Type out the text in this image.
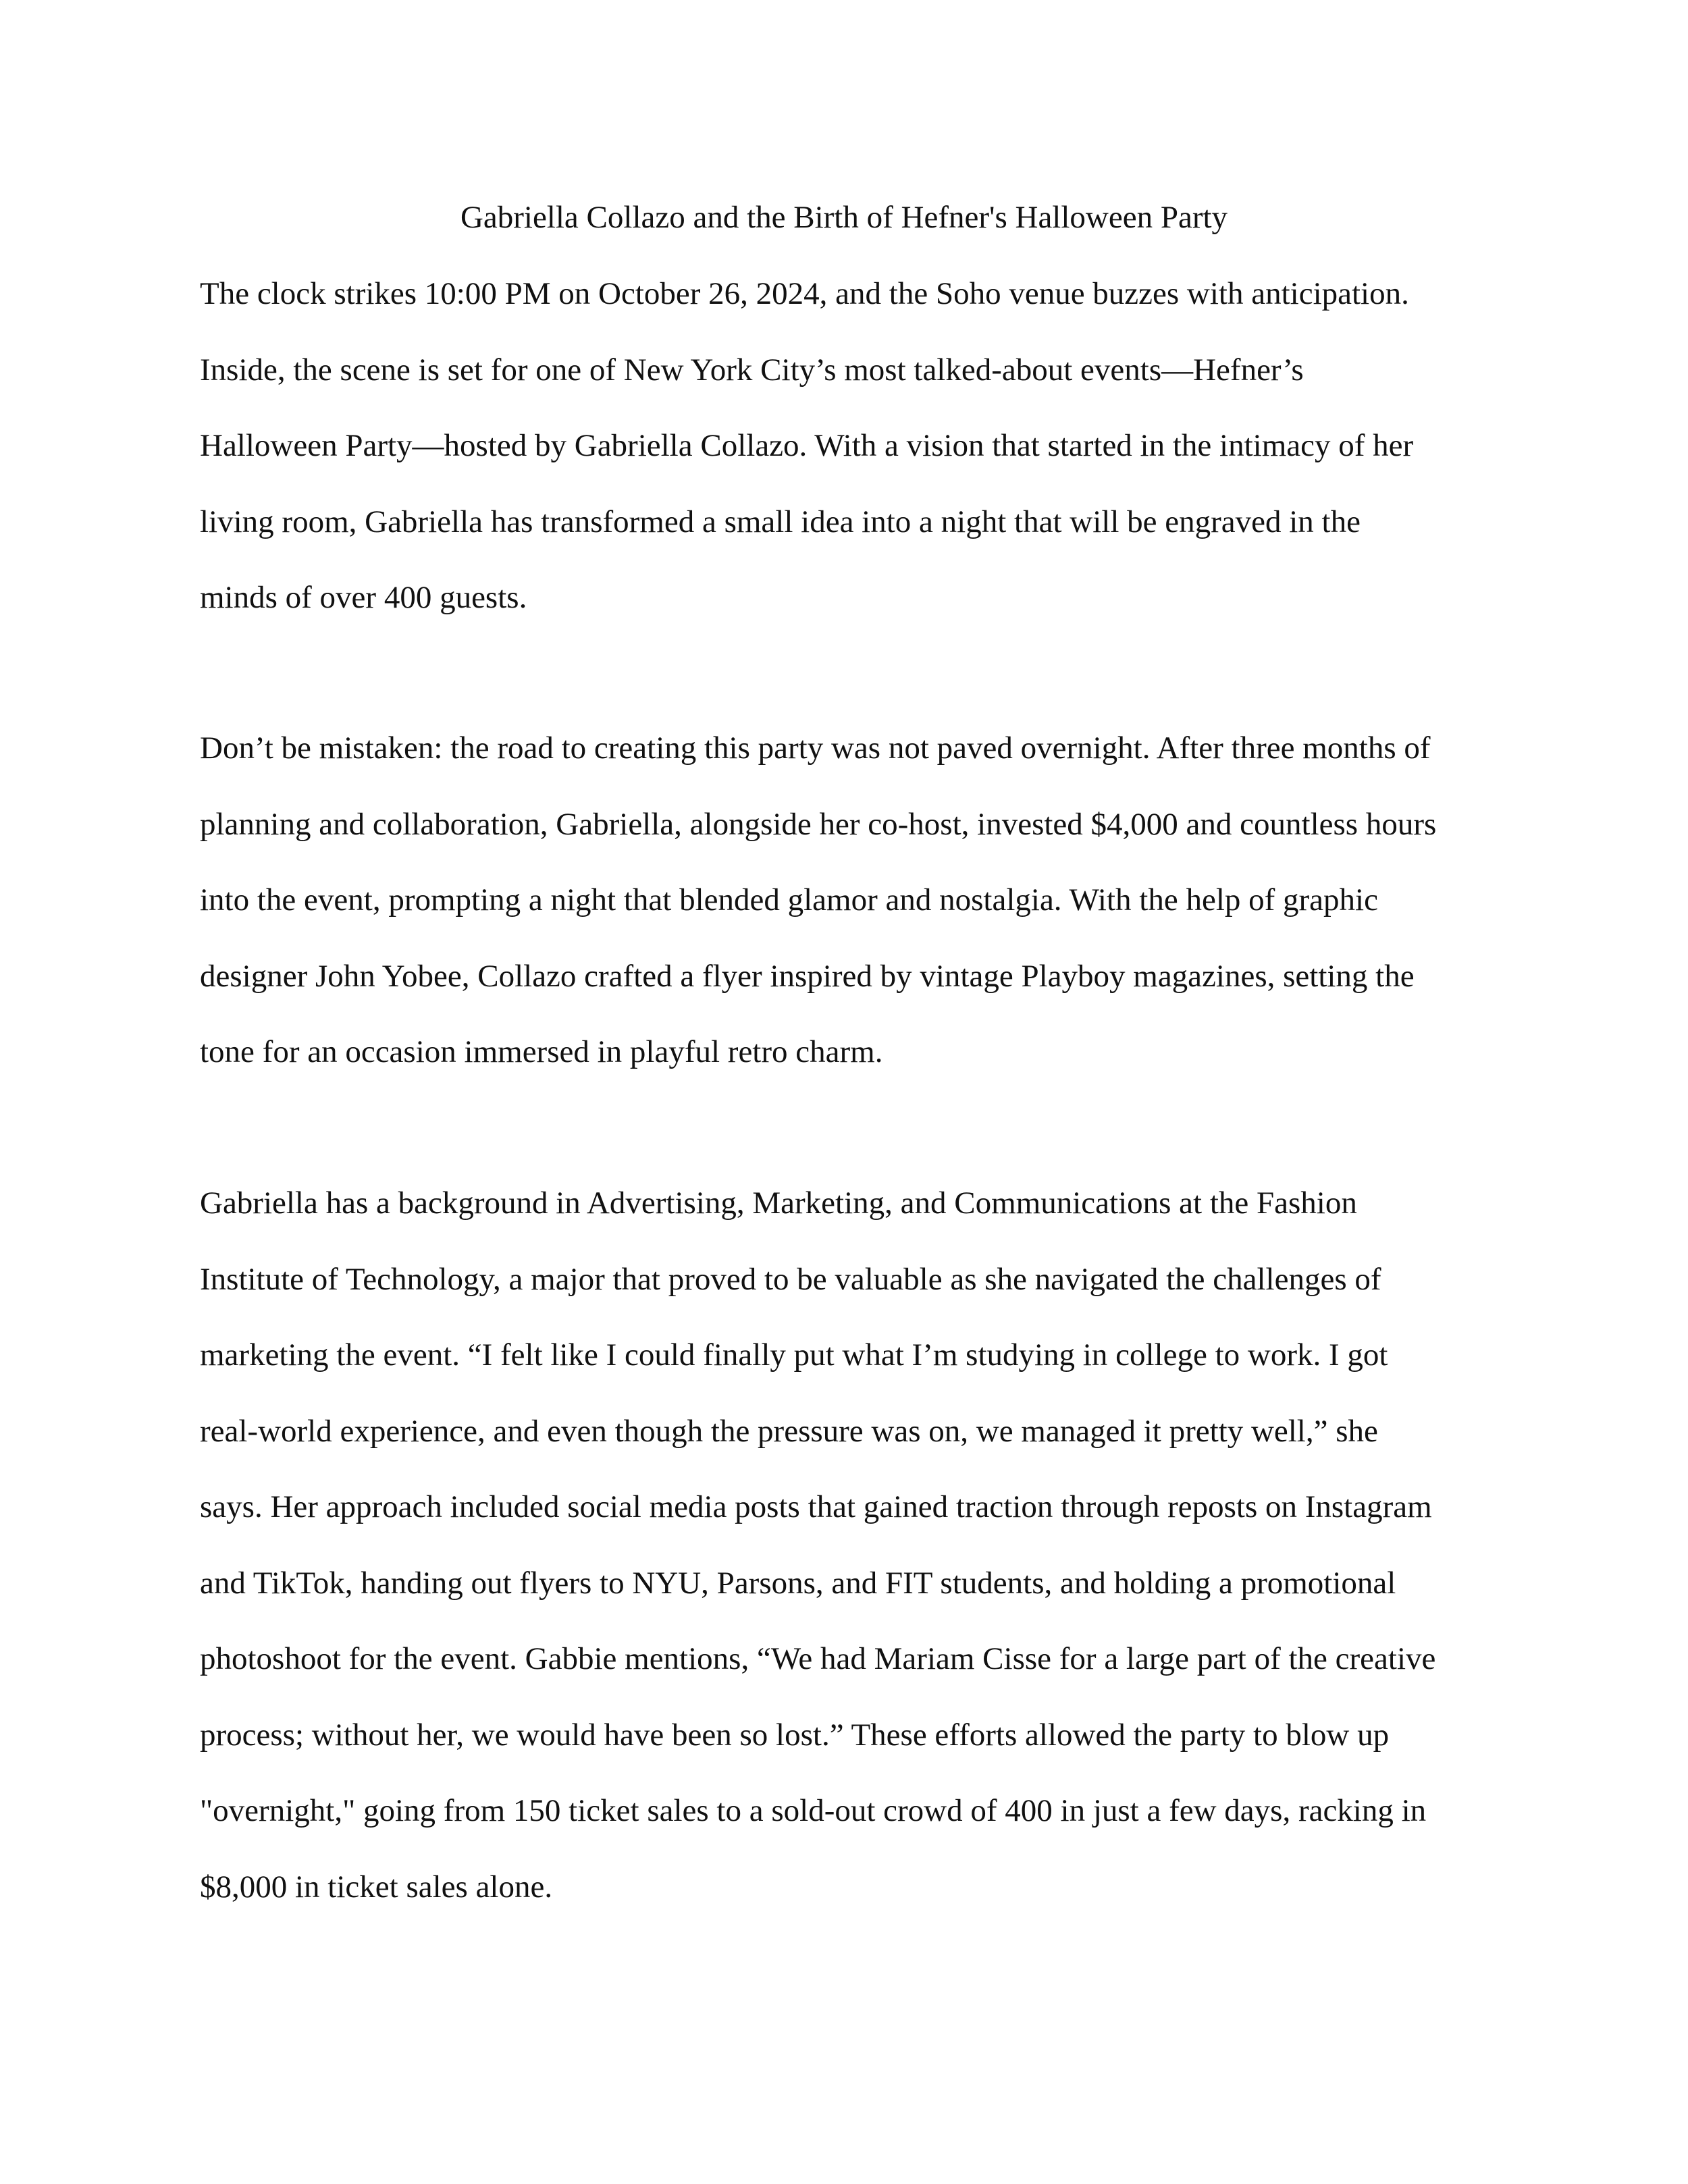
Gabriella Collazo and the Birth of Hefner's Halloween Party
The clock strikes 10:00 PM on October 26, 2024, and the Soho venue buzzes with anticipation.
Inside, the scene is set for one of New York City’s most talked-about events—Hefner’s
Halloween Party—hosted by Gabriella Collazo. With a vision that started in the intimacy of her
living room, Gabriella has transformed a small idea into a night that will be engraved in the
minds of over 400 guests.
Don’t be mistaken: the road to creating this party was not paved overnight. After three months of
planning and collaboration, Gabriella, alongside her co-host, invested $4,000 and countless hours
into the event, prompting a night that blended glamor and nostalgia. With the help of graphic
designer John Yobee, Collazo crafted a flyer inspired by vintage Playboy magazines, setting the
tone for an occasion immersed in playful retro charm.
Gabriella has a background in Advertising, Marketing, and Communications at the Fashion
Institute of Technology, a major that proved to be valuable as she navigated the challenges of
marketing the event. “I felt like I could finally put what I’m studying in college to work. I got
real-world experience, and even though the pressure was on, we managed it pretty well,” she
says. Her approach included social media posts that gained traction through reposts on Instagram
and TikTok, handing out flyers to NYU, Parsons, and FIT students, and holding a promotional
photoshoot for the event. Gabbie mentions, “We had Mariam Cisse for a large part of the creative
process; without her, we would have been so lost.” These efforts allowed the party to blow up
"overnight," going from 150 ticket sales to a sold-out crowd of 400 in just a few days, racking in
$8,000 in ticket sales alone.
